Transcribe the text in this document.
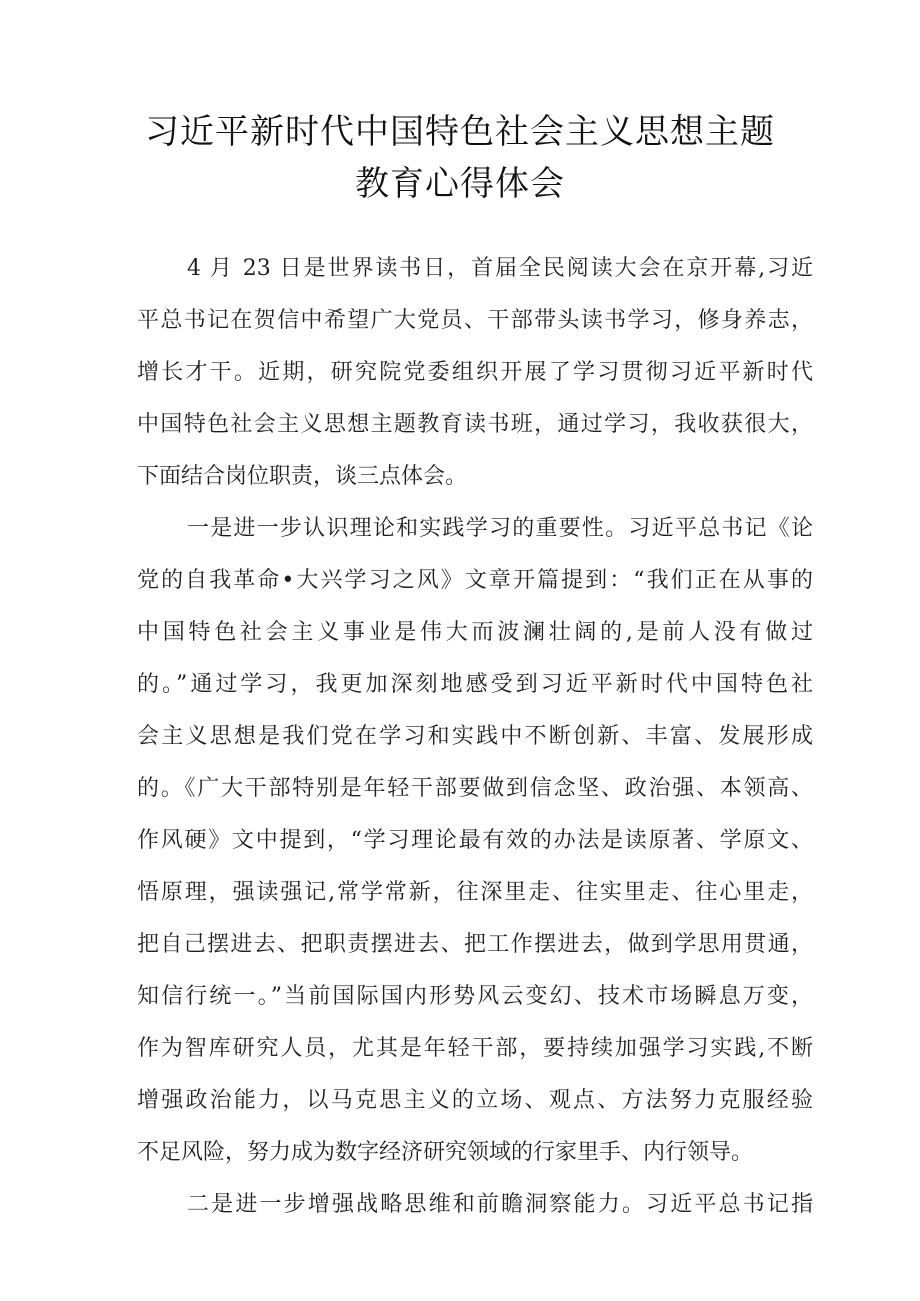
习近平新时代中国特色社会主义思想主题
教育心得体会

4 月 23 日是世界读书日，首届全民阅读大会在京开幕,习近

平总书记在贺信中希望广大党员、干部带头读书学习，修身养志，

增长才干。近期，研究院党委组织开展了学习贯彻习近平新时代

中国特色社会主义思想主题教育读书班，通过学习，我收获很大，

下面结合岗位职责，谈三点体会。

一是进一步认识理论和实践学习的重要性。习近平总书记《论

党的自我革命•大兴学习之风》文章开篇提到：“我们正在从事的

中国特色社会主义事业是伟大而波澜壮阔的,是前人没有做过

的。”通过学习，我更加深刻地感受到习近平新时代中国特色社

会主义思想是我们党在学习和实践中不断创新、丰富、发展形成

的。《广大干部特别是年轻干部要做到信念坚、政治强、本领高、

作风硬》文中提到，“学习理论最有效的办法是读原著、学原文、

悟原理，强读强记,常学常新，往深里走、往实里走、往心里走，

把自己摆进去、把职责摆进去、把工作摆进去，做到学思用贯通，

知信行统一。”当前国际国内形势风云变幻、技术市场瞬息万变，

作为智库研究人员，尤其是年轻干部，要持续加强学习实践,不断

增强政治能力，以马克思主义的立场、观点、方法努力克服经验

不足风险，努力成为数字经济研究领域的行家里手、内行领导。

二是进一步增强战略思维和前瞻洞察能力。习近平总书记指
